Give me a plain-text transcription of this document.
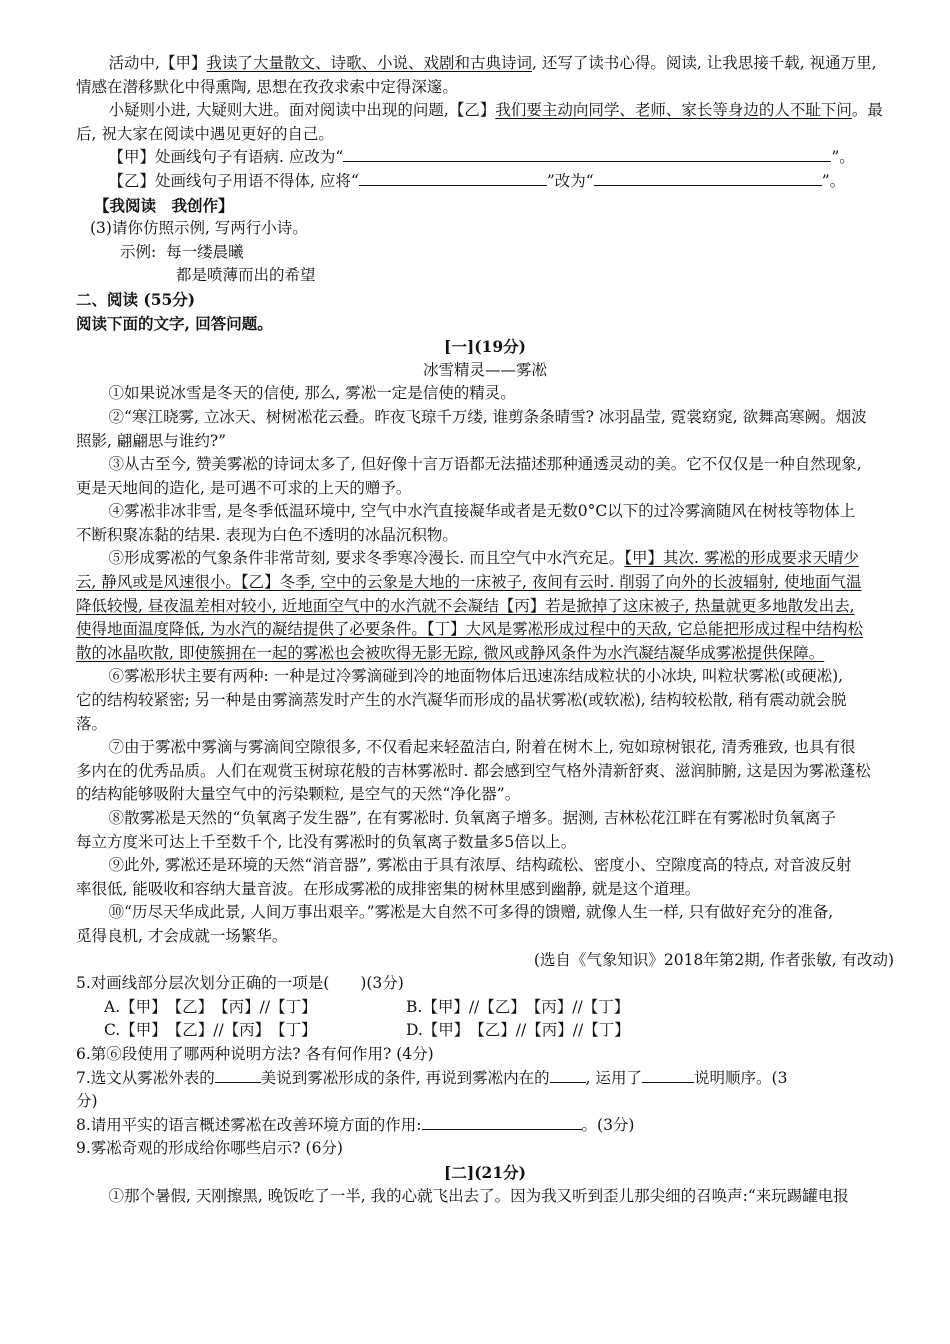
活动中,【甲】我读了大量散文、诗歌、小说、戏剧和古典诗词, 还写了读书心得。阅读, 让我思接千载, 视通万里,
情感在潜移默化中得熏陶, 思想在孜孜求索中定得深邃。
小疑则小进, 大疑则大进。面对阅读中出现的问题,【乙】我们要主动向同学、老师、家长等身边的人不耻下问。最
后, 祝大家在阅读中遇见更好的自己。
【甲】处画线句子有语病. 应改为“	”。
【乙】处画线句子用语不得体, 应将“	”改为“	”。
【我阅读　我创作】
(3)请你仿照示例, 写两行小诗。
示例: 每一缕晨曦
都是喷薄而出的希望
二、阅读 (55分)
阅读下面的文字, 回答问题。
[一](19分)
冰雪精灵——雾凇
①如果说冰雪是冬天的信使, 那么, 雾凇一定是信使的精灵。
②“寒江晓雾, 立冰天、树树凇花云叠。昨夜飞琼千万缕, 谁剪条条晴雪? 冰羽晶莹, 霓裳窈窕, 欲舞高寒阙。烟波
照影, 翩翩思与谁约?”
③从古至今, 赞美雾凇的诗词太多了, 但好像十言万语都无法描述那种通透灵动的美。它不仅仅是一种自然现象,
更是天地间的造化, 是可遇不可求的上天的赠予。
④雾凇非冰非雪, 是冬季低温环境中, 空气中水汽直接凝华或者是无数0°C以下的过冷雾滴随风在树枝等物体上
不断积聚冻黏的结果. 表现为白色不透明的冰晶沉积物。
⑤形成雾凇的气象条件非常苛刻, 要求冬季寒冷漫长. 而且空气中水汽充足。【甲】其次. 雾凇的形成要求天晴少
云, 静风或是风速很小。【乙】冬季, 空中的云象是大地的一床被子, 夜间有云时. 削弱了向外的长波辐射, 使地面气温
降低较慢, 昼夜温差相对较小, 近地面空气中的水汽就不会凝结【丙】若是掀掉了这床被子, 热量就更多地散发出去,
使得地面温度降低, 为水汽的凝结提供了必要条件。【丁】大风是雾凇形成过程中的天敌, 它总能把形成过程中结构松
散的冰晶吹散, 即使簇拥在一起的雾凇也会被吹得无影无踪, 微风或静风条件为水汽凝结凝华成雾凇提供保障。
⑥雾凇形状主要有两种: 一种是过冷雾滴碰到冷的地面物体后迅速冻结成粒状的小冰块, 叫粒状雾凇(或硬凇),
它的结构较紧密; 另一种是由雾滴蒸发时产生的水汽凝华而形成的晶状雾凇(或软凇), 结构较松散, 稍有震动就会脱
落。
⑦由于雾凇中雾滴与雾滴间空隙很多, 不仅看起来轻盈洁白, 附着在树木上, 宛如琼树银花, 清秀雅致, 也具有很
多内在的优秀品质。人们在观赏玉树琼花般的吉林雾凇时. 都会感到空气格外清新舒爽、滋润肺腑, 这是因为雾凇蓬松
的结构能够吸附大量空气中的污染颗粒, 是空气的天然“净化器”。
⑧散雾凇是天然的“负氧离子发生器”, 在有雾凇时. 负氧离子增多。据测, 吉林松花江畔在有雾凇时负氧离子
每立方度米可达上千至数千个, 比没有雾凇时的负氧离子数量多5倍以上。
⑨此外, 雾凇还是环境的天然“消音器”, 雾凇由于具有浓厚、结构疏松、密度小、空隙度高的特点, 对音波反射
率很低, 能吸收和容纳大量音波。在形成雾凇的成排密集的树林里感到幽静, 就是这个道理。
⑩“历尽天华成此景, 人间万事出艰辛。”雾凇是大自然不可多得的馈赠, 就像人生一样, 只有做好充分的准备,
觅得良机, 才会成就一场繁华。
(选自《气象知识》2018年第2期, 作者张敏, 有改动)
5.对画线部分层次划分正确的一项是(　　)(3分)
A.【甲】　【乙】　【丙】//【丁】	B.【甲】//【乙】　【丙】//【丁】
C.【甲】　【乙】//【丙】　【丁】	D.【甲】　【乙】//【丙】//【丁】
6.第⑥段使用了哪两种说明方法? 各有何作用? (4分)
7.选文从雾凇外表的	美说到雾凇形成的条件, 再说到雾凇内在的 , 运用了	说明顺序。(3
分)
8.请用平实的语言概述雾凇在改善环境方面的作用:	。(3分)
9.雾凇奇观的形成给你哪些启示? (6分)
[二](21分)
①那个暑假, 天刚擦黑, 晚饭吃了一半, 我的心就飞出去了。因为我又听到歪儿那尖细的召唤声:“来玩踢罐电报
